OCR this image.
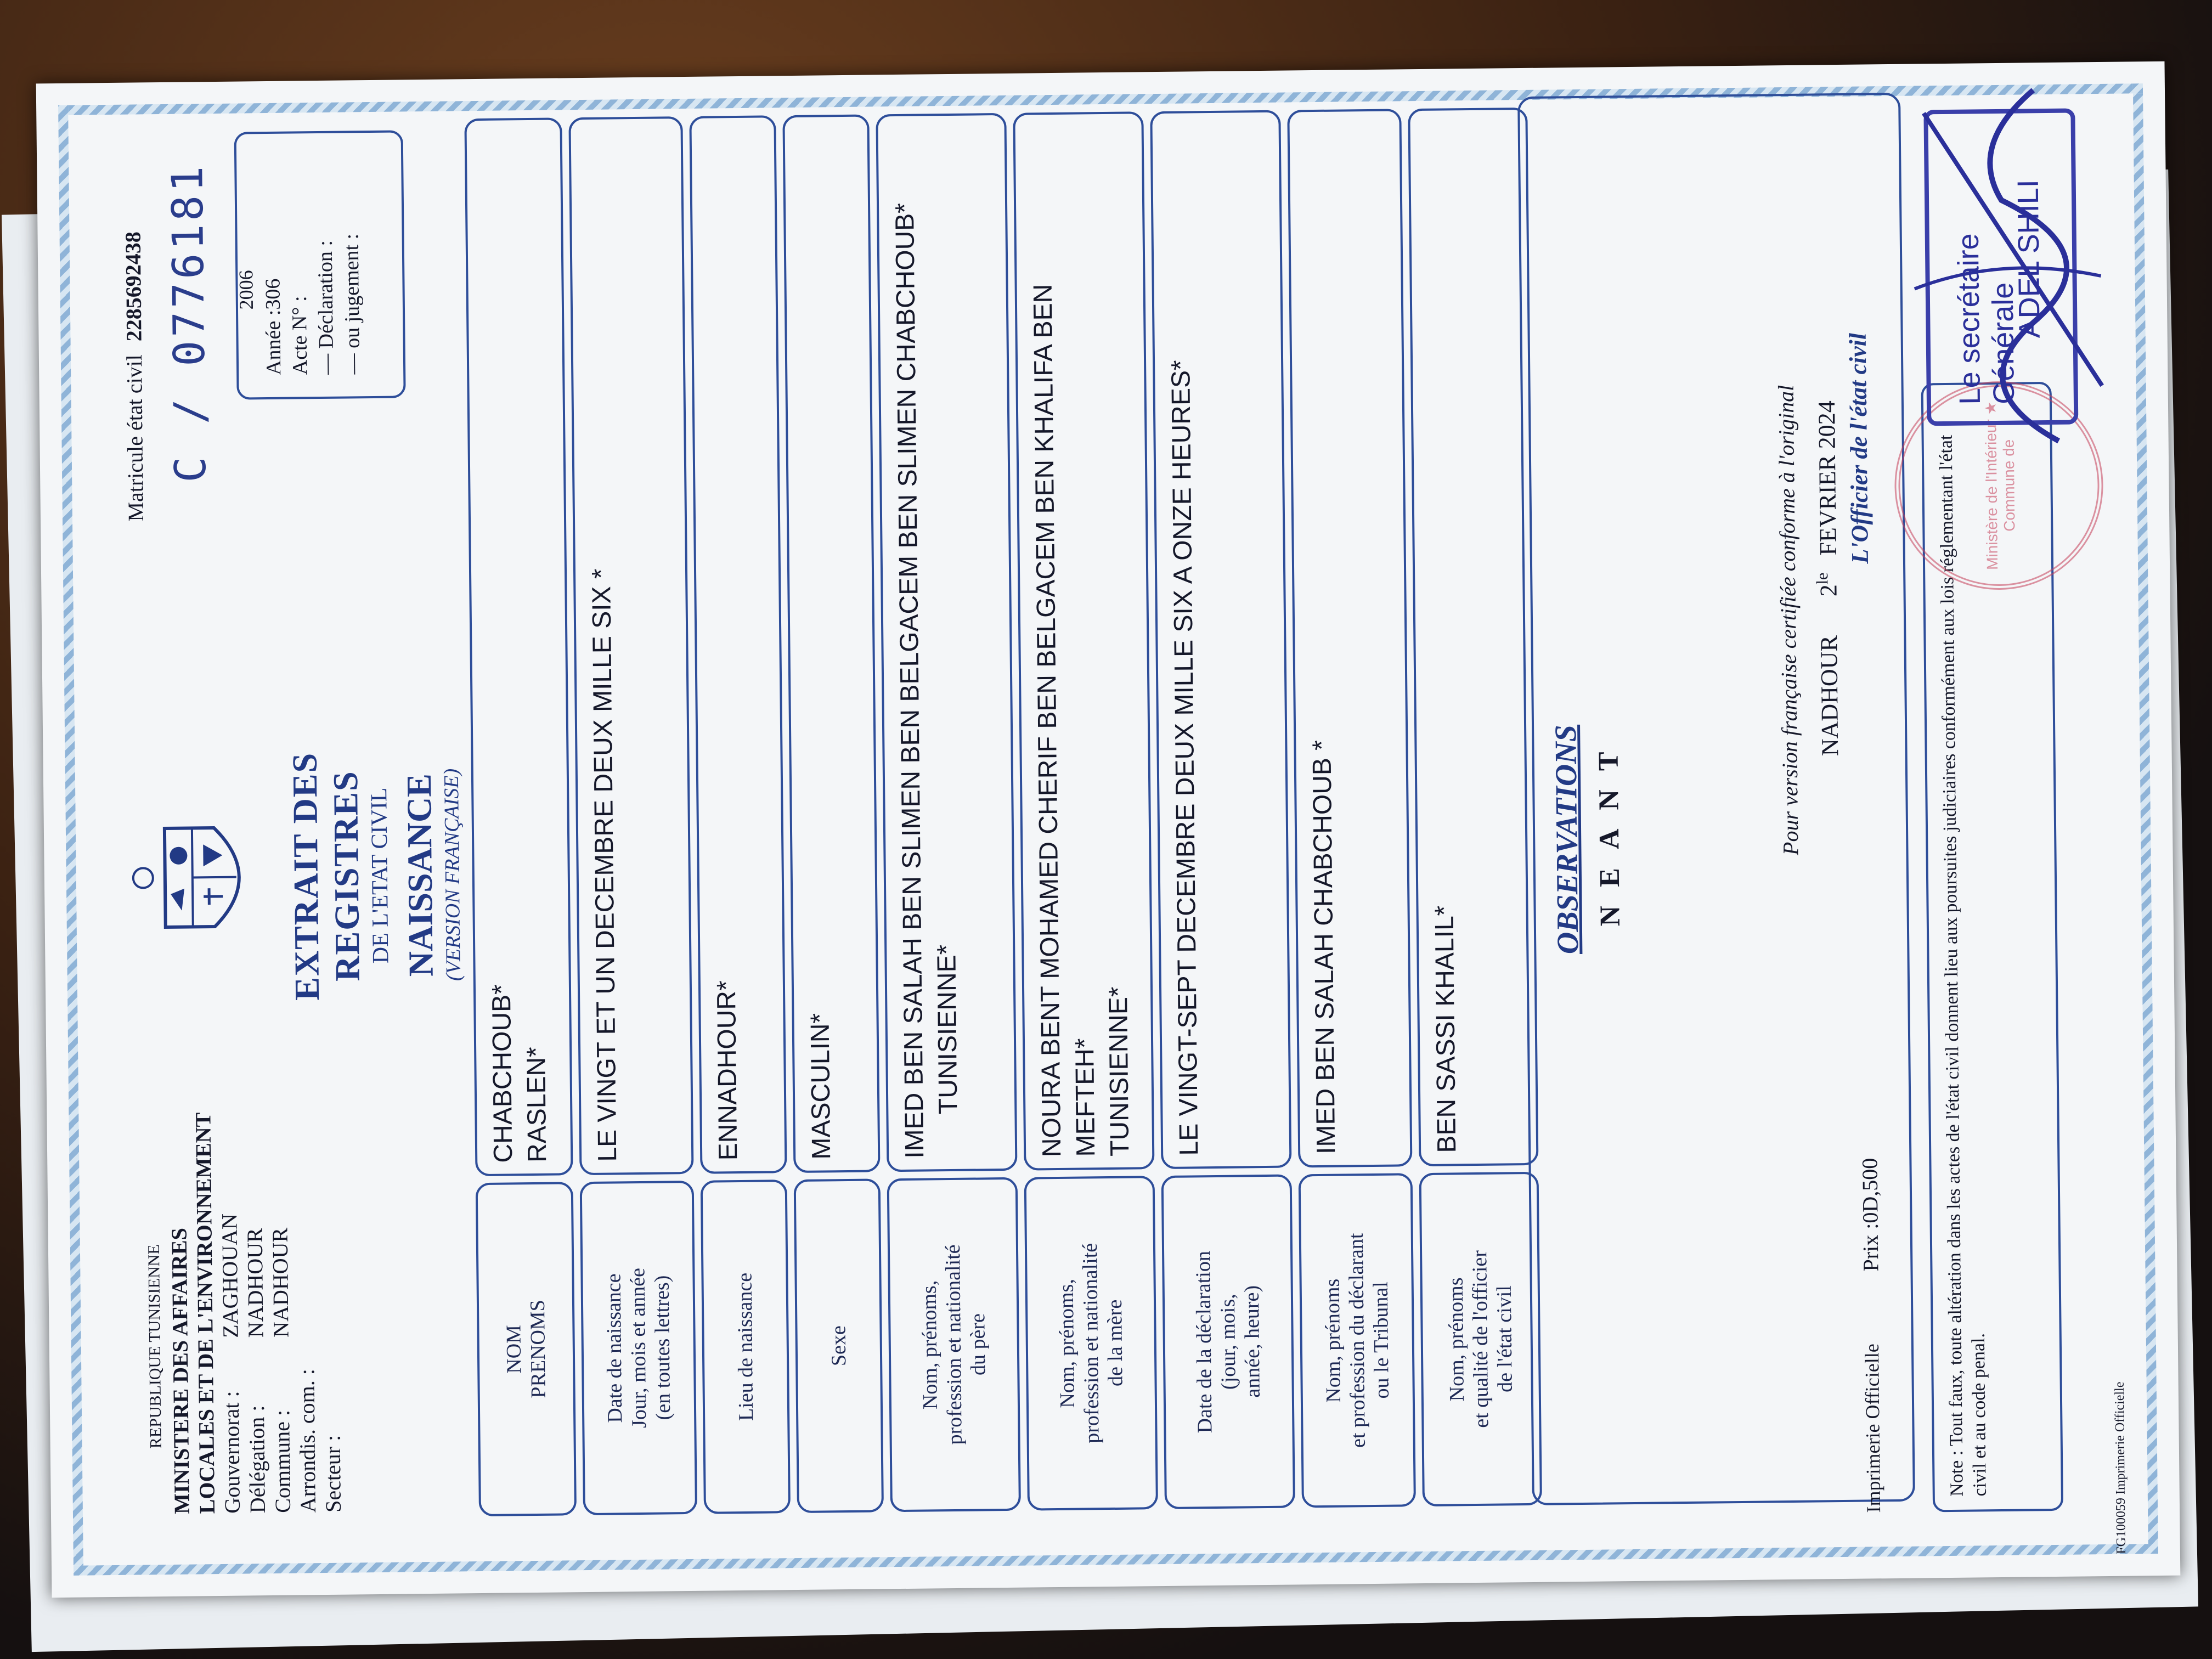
REPUBLIQUE TUNISIENNE MINISTERE DES AFFAIRES
LOCALES ET DE L'ENVIRONNEMENT
Gouvernorat :ZAGHOUAN
Délégation :NADHOUR
Commune :NADHOUR
Arrondis. com. : Secteur :
EXTRAIT DES REGISTRES DE L'ETAT CIVIL NAISSANCE (VERSION FRANÇAISE)
Matricule état civil 2285692438 C / 0776181 2006 Année :306 Acte N° : — Déclaration : — ou jugement :
NOM
PRENOMS
CHABCHOUB* RASLEN*
Date de naissance
Jour, mois et année
(en toutes lettres)
LE VINGT ET UN DECEMBRE DEUX MILLE SIX *
Lieu de naissance
ENNADHOUR*
Sexe
MASCULIN*
Nom, prénoms,
profession et nationalité
du père
IMED BEN SALAH BEN SLIMEN BEN BELGACEM BEN SLIMEN CHABCHOUB* TUNISIENNE*
Nom, prénoms,
profession et nationalité
de la mère
NOURA BENT MOHAMED CHERIF BEN BELGACEM BEN KHALIFA BEN MEFTEH* TUNISIENNE*
Date de la déclaration
(jour, mois,
année, heure)
LE VINGT-SEPT DECEMBRE DEUX MILLE SIX A ONZE HEURES*
Nom, prénoms
et profession du déclarant
ou le Tribunal
IMED BEN SALAH CHABCHOUB *
Nom, prénoms
et qualité de l'officier
de l'état civil
BEN SASSI KHALIL*
OBSERVATIONS NEANT
Imprimerie Officielle
Prix :0D,500	Note : Tout faux, toute altération dans les actes de l'état civil donnent lieu aux poursuites judiciaires conformément aux lois réglementant l'état civil et au code penal.	FG100059 Imprimerie Officielle
Pour version française certifiée conforme à l'original NADHOUR $2^{le}$ FEVRIER 2024 L'Officier de l'état civil	Ministère de l'Intérieur ★ Commune de
Le secrétaire Générale
ADEL SHILI
